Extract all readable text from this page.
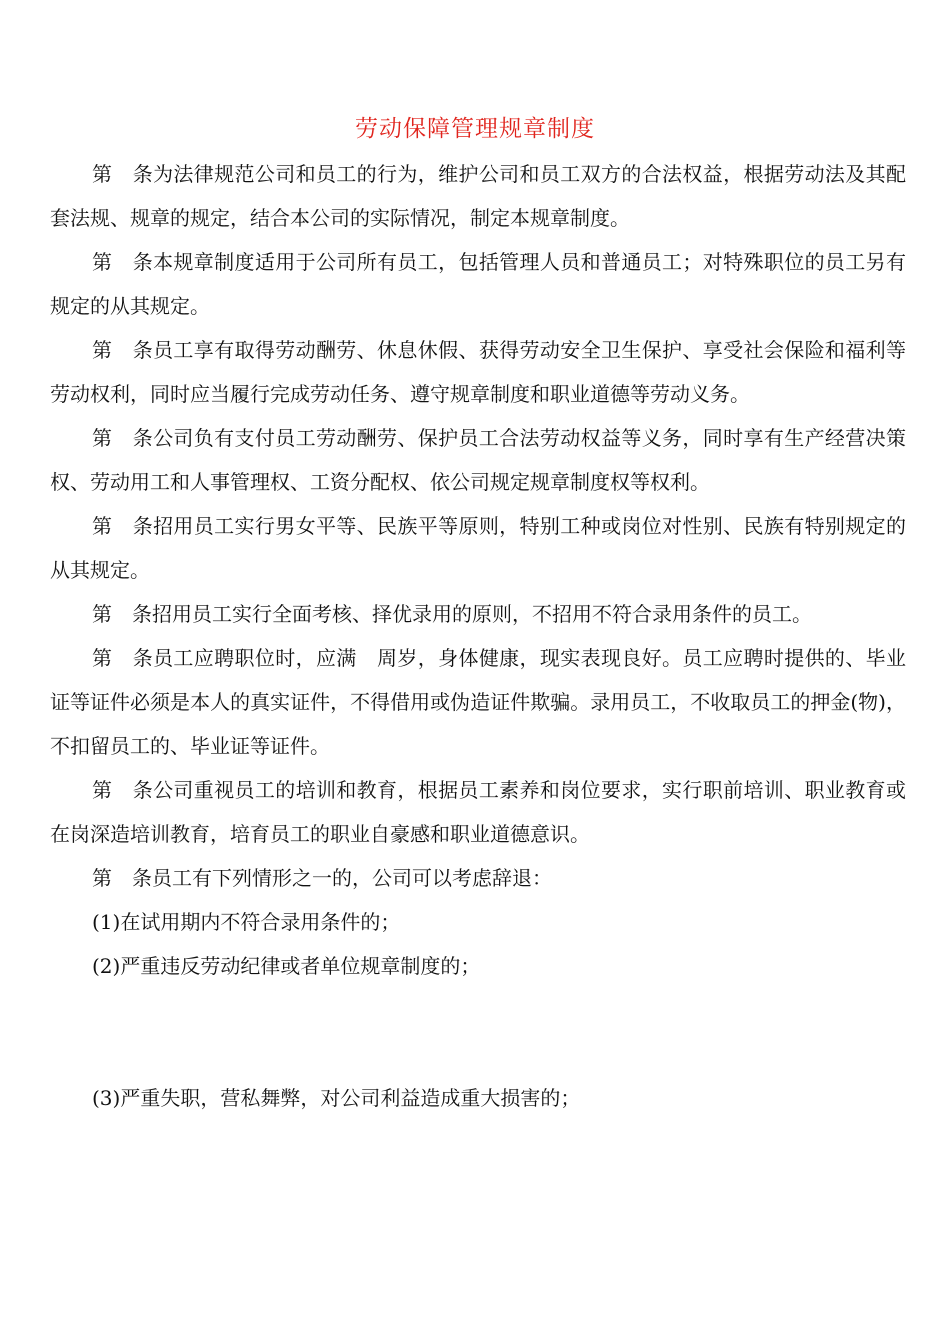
劳动保障管理规章制度

第　条为法律规范公司和员工的行为，维护公司和员工双方的合法权益，根据劳动法及其配套法规、规章的规定，结合本公司的实际情况，制定本规章制度。

第　条本规章制度适用于公司所有员工，包括管理人员和普通员工；对特殊职位的员工另有规定的从其规定。

第　条员工享有取得劳动酬劳、休息休假、获得劳动安全卫生保护、享受社会保险和福利等劳动权利，同时应当履行完成劳动任务、遵守规章制度和职业道德等劳动义务。

第　条公司负有支付员工劳动酬劳、保护员工合法劳动权益等义务，同时享有生产经营决策权、劳动用工和人事管理权、工资分配权、依公司规定规章制度权等权利。

第　条招用员工实行男女平等、民族平等原则，特别工种或岗位对性别、民族有特别规定的从其规定。

第　条招用员工实行全面考核、择优录用的原则，不招用不符合录用条件的员工。

第　条员工应聘职位时，应满　周岁，身体健康，现实表现良好。员工应聘时提供的、毕业证等证件必须是本人的真实证件，不得借用或伪造证件欺骗。录用员工，不收取员工的押金(物)，不扣留员工的、毕业证等证件。

第　条公司重视员工的培训和教育，根据员工素养和岗位要求，实行职前培训、职业教育或在岗深造培训教育，培育员工的职业自豪感和职业道德意识。

第　条员工有下列情形之一的，公司可以考虑辞退：

(1)在试用期内不符合录用条件的；

(2)严重违反劳动纪律或者单位规章制度的；

(3)严重失职，营私舞弊，对公司利益造成重大损害的；
